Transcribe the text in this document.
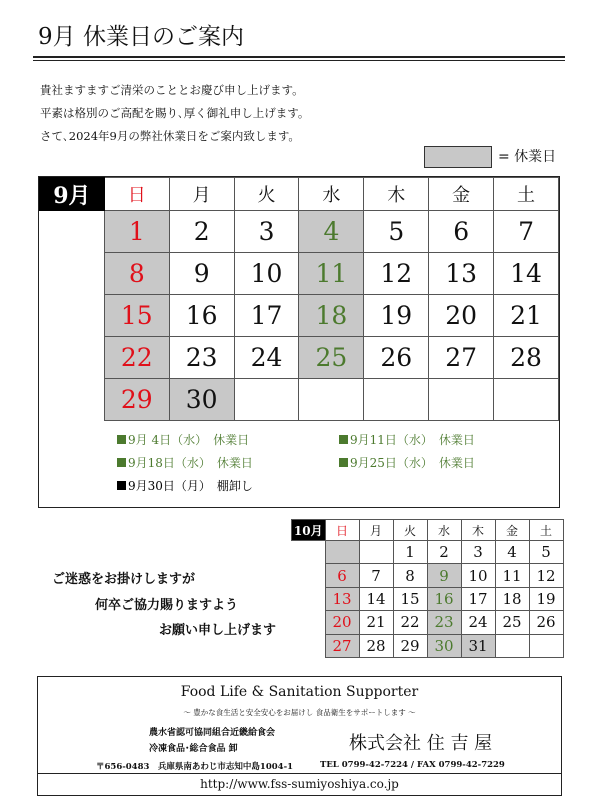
9月 休業日のご案内
貴社ますますご清栄のこととお慶び申し上げます。
平素は格別のご高配を賜り､厚く御礼申し上げます。
さて､2024年9月の弊社休業日をご案内致します。
= 休業日
9月	日	月	火	水	木	金	土
	1	2	3	4	5	6	7
	8	9	10	11	12	13	14
	15	16	17	18	19	20	21
	22	23	24	25	26	27	28
	29	30					
9月 4日（水）　休業日	9月11日（水）　休業日
9月18日（水）　休業日	9月25日（水）　休業日
9月30日（月）　棚卸し
ご迷惑をお掛けしますが
何卒ご協力賜りますよう
お願い申し上げます
10月	日	月	火	水	木	金	土
			1	2	3	4	5
	6	7	8	9	10	11	12
	13	14	15	16	17	18	19
	20	21	22	23	24	25	26
	27	28	29	30	31		
Food Life & Sanitation Supporter
～ 豊かな食生活と安全安心をお届けし 食品衛生をサポートします ～
農水省認可協同組合近畿給食会
冷凍食品･総合食品 卸	株式会社 住 吉 屋
〒656-0483　兵庫県南あわじ市志知中島1004-1	TEL 0799-42-7224 / FAX 0799-42-7229
http://www.fss-sumiyoshiya.co.jp
